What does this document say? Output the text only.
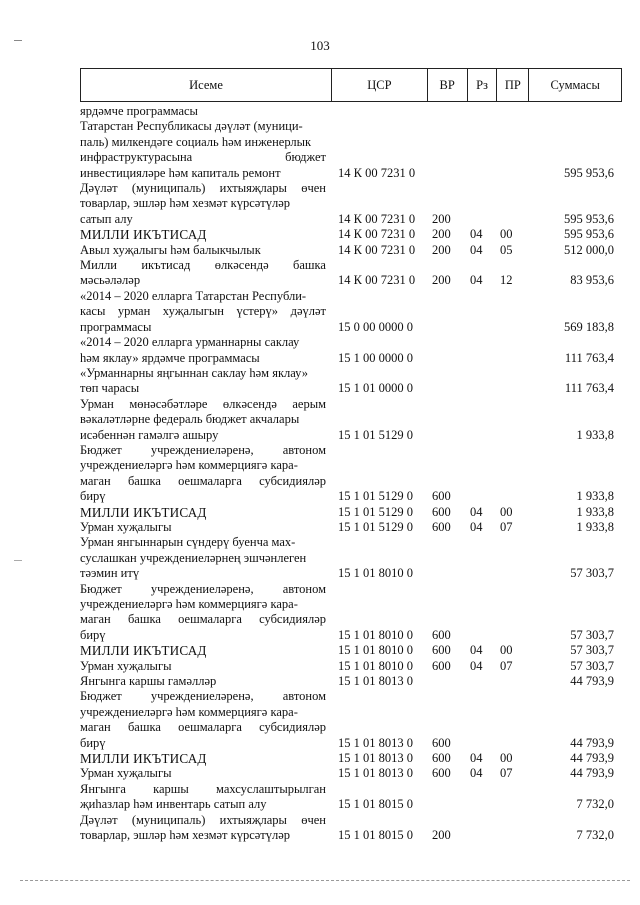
103
Исеме	ЦСР	ВР	Рз	ПР	Суммасы
ярдәмче программасы
Татарстан Республикасы дәүләт (муници-
паль) милкендәге социаль һәм инженерлык
инфраструктурасына бюджет
инвестицияләре һәм капиталь ремонт	14 К 00 7231 0	595 953,6
Дәүләт (муниципаль) ихтыяҗлары өчен
товарлар, эшләр һәм хезмәт күрсәтүләр
сатып алу	14 К 00 7231 0	200	595 953,6
МИЛЛИ ИКЪТИСАД	14 К 00 7231 0	200	04	00	595 953,6
Авыл хуҗалыгы һәм балыкчылык	14 К 00 7231 0	200	04	05	512 000,0
Милли икътисад өлкәсендә башка
мәсьәләләр	14 К 00 7231 0	200	04	12	83 953,6
«2014 – 2020 елларга Татарстан Республи-
касы урман хуҗалыгын үстерү» дәүләт
программасы	15 0 00 0000 0	569 183,8
«2014 – 2020 елларга урманнарны саклау
һәм яклау» ярдәмче программасы	15 1 00 0000 0	111 763,4
«Урманнарны яңгыннан саклау һәм яклау»
төп чарасы	15 1 01 0000 0	111 763,4
Урман мөнәсәбәтләре өлкәсендә аерым
вәкаләтләрне федераль бюджет акчалары
исәбеннән гамәлгә ашыру	15 1 01 5129 0	1 933,8
Бюджет учреждениеләренә, автоном
учреждениеләргә һәм коммерциягә кара-
маган башка оешмаларга субсидияләр
бирү	15 1 01 5129 0	600	1 933,8
МИЛЛИ ИКЪТИСАД	15 1 01 5129 0	600	04	00	1 933,8
Урман хуҗалыгы	15 1 01 5129 0	600	04	07	1 933,8
Урман янгыннарын сүндерү буенча мах-
суслашкан учреждениеләрнең эшчәнлеген
тәэмин итү	15 1 01 8010 0	57 303,7
Бюджет учреждениеләренә, автоном
учреждениеләргә һәм коммерциягә кара-
маган башка оешмаларга субсидияләр
бирү	15 1 01 8010 0	600	57 303,7
МИЛЛИ ИКЪТИСАД	15 1 01 8010 0	600	04	00	57 303,7
Урман хуҗалыгы	15 1 01 8010 0	600	04	07	57 303,7
Янгынга каршы гамәлләр	15 1 01 8013 0	44 793,9
Бюджет учреждениеләренә, автоном
учреждениеләргә һәм коммерциягә кара-
маган башка оешмаларга субсидияләр
бирү	15 1 01 8013 0	600	44 793,9
МИЛЛИ ИКЪТИСАД	15 1 01 8013 0	600	04	00	44 793,9
Урман хуҗалыгы	15 1 01 8013 0	600	04	07	44 793,9
Янгынга каршы махсуслаштырылган
җиһазлар һәм инвентарь сатып алу	15 1 01 8015 0	7 732,0
Дәүләт (муниципаль) ихтыяҗлары өчен
товарлар, эшләр һәм хезмәт күрсәтүләр	15 1 01 8015 0	200	7 732,0
